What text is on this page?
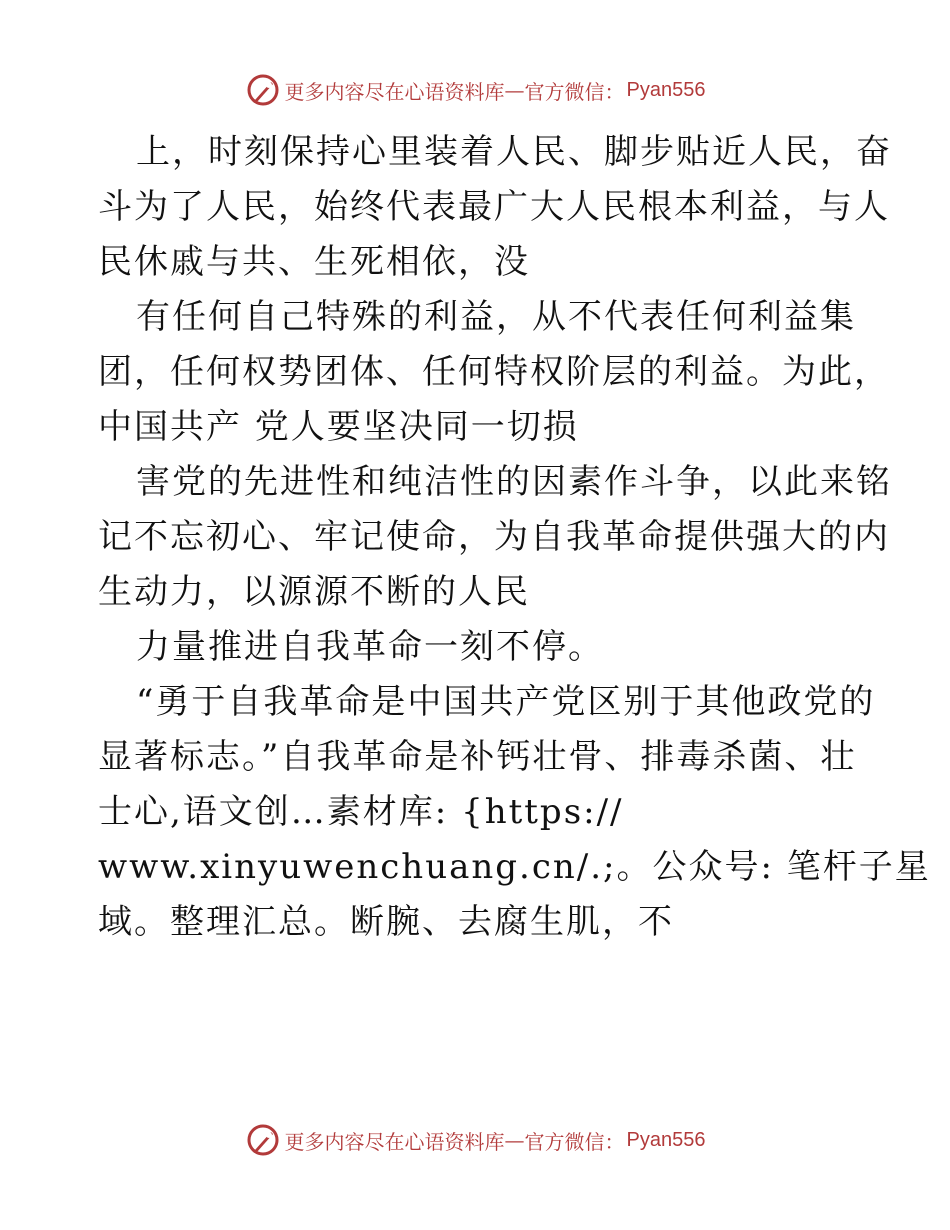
更多内容尽在心语资料库 — 官方微信： Pyan556

上，时刻保持心里装着人民、脚步贴近人民，奋
斗为了人民，始终代表最广大人民根本利益，与人
民休戚与共、生死相依，没

有任何自己特殊的利益，从不代表任何利益集
团，任何权势团体、任何特权阶层的利益。为此，
中国共产 党人要坚决同一切损

害党的先进性和纯洁性的因素作斗争，以此来铭
记不忘初心、牢记使命，为自我革命提供强大的内
生动力，以源源不断的人民

力量推进自我革命一刻不停。

“勇于自我革命是中国共产党区别于其他政党的
显著标志。”自我革命是补钙壮骨、排毒杀菌、壮
士心,语文创…素材库: {https://
www.xinyuwenchuang.cn/.;。公众号: 笔杆子星
域。整理汇总。断腕、去腐生肌，不

更多内容尽在心语资料库 — 官方微信： Pyan556
